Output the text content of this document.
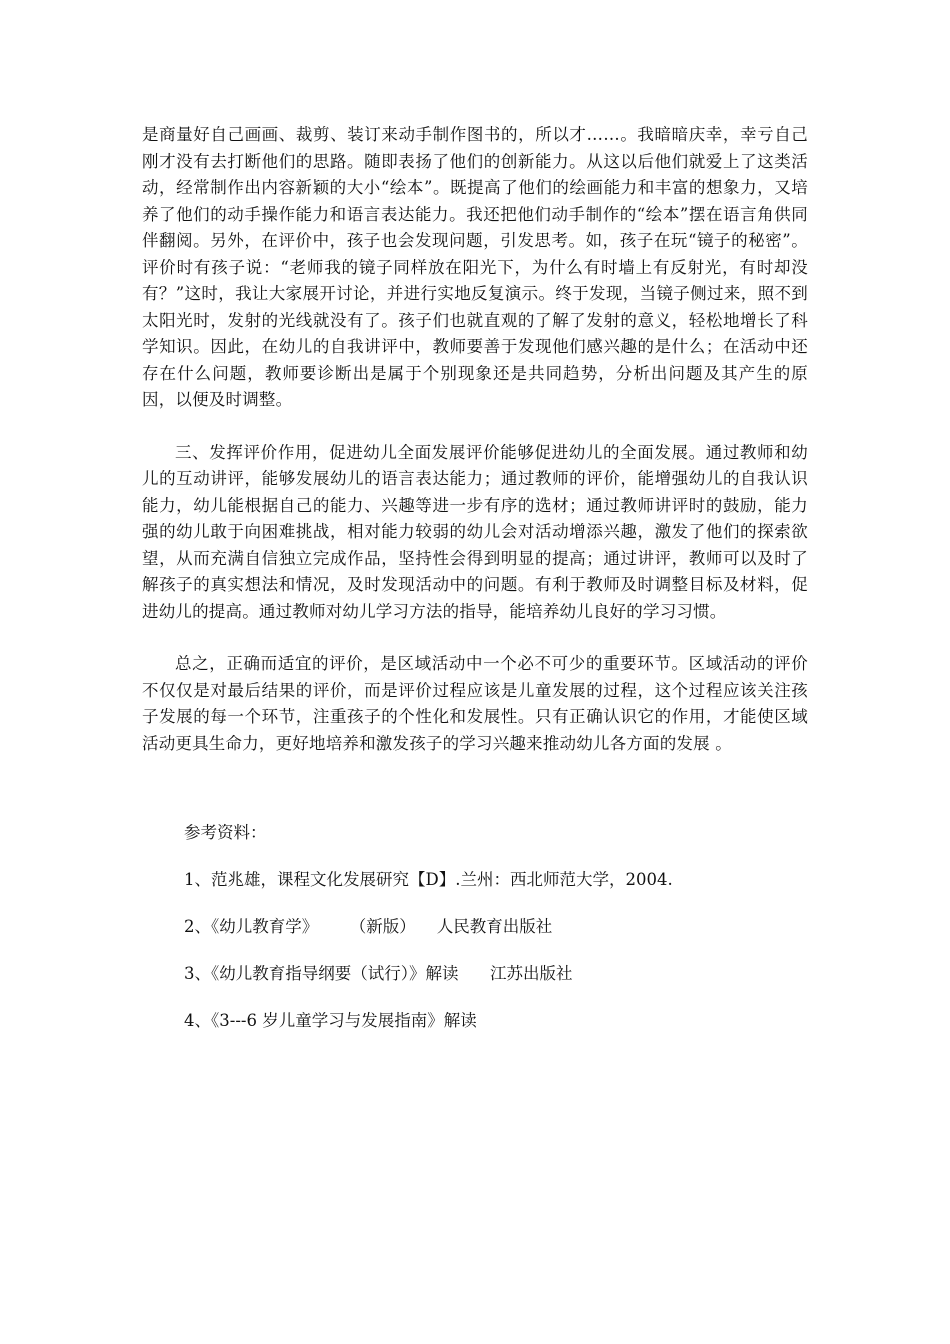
是商量好自己画画、裁剪、装订来动手制作图书的，所以才……。我暗暗庆幸，幸亏自己刚才没有去打断他们的思路。随即表扬了他们的创新能力。从这以后他们就爱上了这类活动，经常制作出内容新颖的大小“绘本”。既提高了他们的绘画能力和丰富的想象力，又培养了他们的动手操作能力和语言表达能力。我还把他们动手制作的“绘本”摆在语言角供同伴翻阅。另外，在评价中，孩子也会发现问题，引发思考。如，孩子在玩“镜子的秘密”。评价时有孩子说：“老师我的镜子同样放在阳光下，为什么有时墙上有反射光，有时却没有？”这时，我让大家展开讨论，并进行实地反复演示。终于发现，当镜子侧过来，照不到太阳光时，发射的光线就没有了。孩子们也就直观的了解了发射的意义，轻松地增长了科学知识。因此，在幼儿的自我讲评中，教师要善于发现他们感兴趣的是什么；在活动中还存在什么问题，教师要诊断出是属于个别现象还是共同趋势，分析出问题及其产生的原因，以便及时调整。

三、发挥评价作用，促进幼儿全面发展评价能够促进幼儿的全面发展。通过教师和幼儿的互动讲评，能够发展幼儿的语言表达能力；通过教师的评价，能增强幼儿的自我认识能力，幼儿能根据自己的能力、兴趣等进一步有序的选材；通过教师讲评时的鼓励，能力强的幼儿敢于向困难挑战，相对能力较弱的幼儿会对活动增添兴趣，激发了他们的探索欲望，从而充满自信独立完成作品，坚持性会得到明显的提高；通过讲评，教师可以及时了解孩子的真实想法和情况，及时发现活动中的问题。有利于教师及时调整目标及材料，促进幼儿的提高。通过教师对幼儿学习方法的指导，能培养幼儿良好的学习习惯。

总之，正确而适宜的评价，是区域活动中一个必不可少的重要环节。区域活动的评价不仅仅是对最后结果的评价，而是评价过程应该是儿童发展的过程，这个过程应该关注孩子发展的每一个环节，注重孩子的个性化和发展性。只有正确认识它的作用，才能使区域活动更具生命力，更好地培养和激发孩子的学习兴趣来推动幼儿各方面的发展 。

参考资料：

1、范兆雄，课程文化发展研究【D】.兰州：西北师范大学，2004.

2、《幼儿教育学》      （新版）    人民教育出版社

3、《幼儿教育指导纲要（试行）》解读      江苏出版社

4、《3---6 岁儿童学习与发展指南》解读
